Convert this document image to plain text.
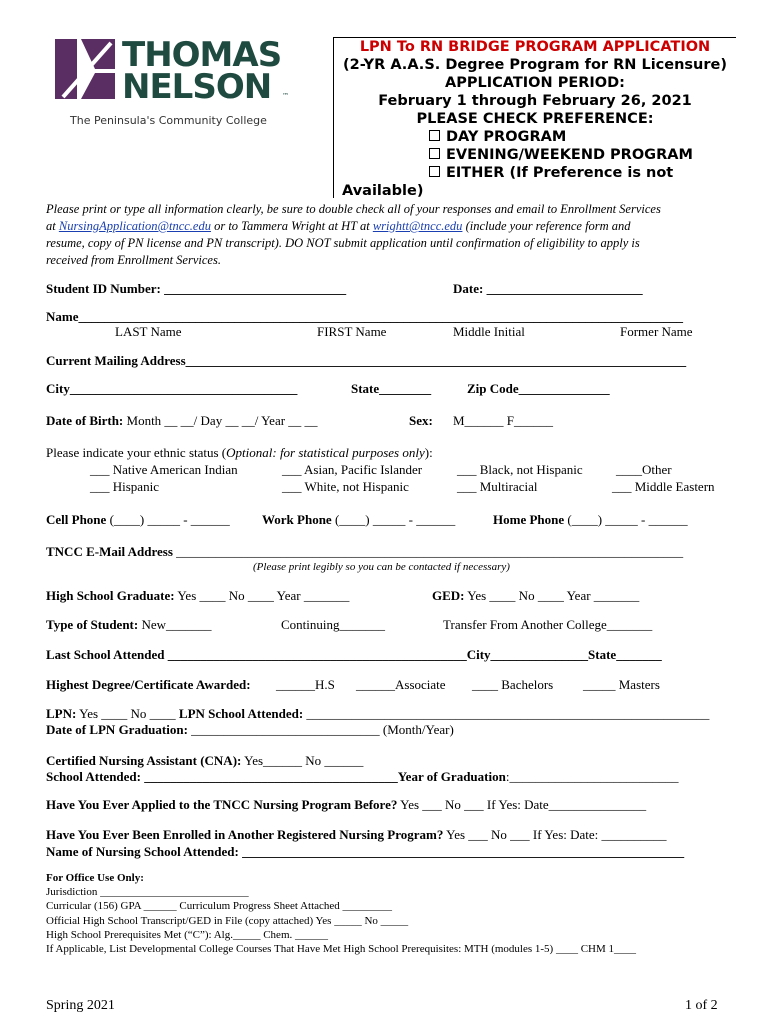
THOMAS
NELSON ™
The Peninsula's Community College
LPN To RN BRIDGE PROGRAM APPLICATION
(2-YR A.A.S. Degree Program for RN Licensure)
APPLICATION PERIOD:
February 1 through February 26, 2021
PLEASE CHECK PREFERENCE:
DAY PROGRAM
EVENING/WEEKEND PROGRAM
EITHER (If Preference is not
Available)
Please print or type all information clearly, be sure to double check all of your responses and email to Enrollment Services
at NursingApplication@tncc.edu or to Tammera Wright at HT at wrightt@tncc.edu (include your reference form and
resume, copy of PN license and PN transcript). DO NOT submit application until confirmation of eligibility to apply is
received from Enrollment Services.
Student ID Number: ____________________________	Date: ________________________
Name_____________________________________________________________________________________________
LAST Name	FIRST Name	Middle Initial	Former Name
Current Mailing Address_____________________________________________________________________________
City___________________________________	State________	Zip Code______________
Date of Birth: Month __ __/ Day __ __/ Year __ __	Sex: M______ F______
Please indicate your ethnic status (Optional: for statistical purposes only):
___ Native American Indian	___ Asian, Pacific Islander	___ Black, not Hispanic	____Other
___ Hispanic	___ White, not Hispanic	___ Multiracial	___ Middle Eastern
Cell Phone (____) _____ - ______ Work Phone (____) _____ - ______	Home Phone (____) _____ - ______
TNCC E-Mail Address ______________________________________________________________________________
(Please print legibly so you can be contacted if necessary)
High School Graduate: Yes ____ No ____ Year _______	GED: Yes ____ No ____ Year _______
Type of Student: New_______	Continuing_______	Transfer From Another College_______
Last School Attended ______________________________________________City_______________State_______
Highest Degree/Certificate Awarded: ______H.S ______Associate ____ Bachelors _____ Masters
LPN: Yes ____ No ____ LPN School Attended: ______________________________________________________________
Date of LPN Graduation: _____________________________ (Month/Year)
Certified Nursing Assistant (CNA): Yes______ No ______
School Attended: _______________________________________Year of Graduation:__________________________
Have You Ever Applied to the TNCC Nursing Program Before? Yes ___ No ___ If Yes: Date_______________
Have You Ever Been Enrolled in Another Registered Nursing Program? Yes ___ No ___ If Yes: Date: __________
Name of Nursing School Attended: ____________________________________________________________________
For Office Use Only:
Jurisdiction ___________________________
Curricular (156) GPA ______ Curriculum Progress Sheet Attached _________
Official High School Transcript/GED in File (copy attached) Yes _____ No _____
High School Prerequisites Met (“C”): Alg._____ Chem. ______
If Applicable, List Developmental College Courses That Have Met High School Prerequisites: MTH (modules 1-5) ____ CHM 1____
Spring 2021	1 of 2
